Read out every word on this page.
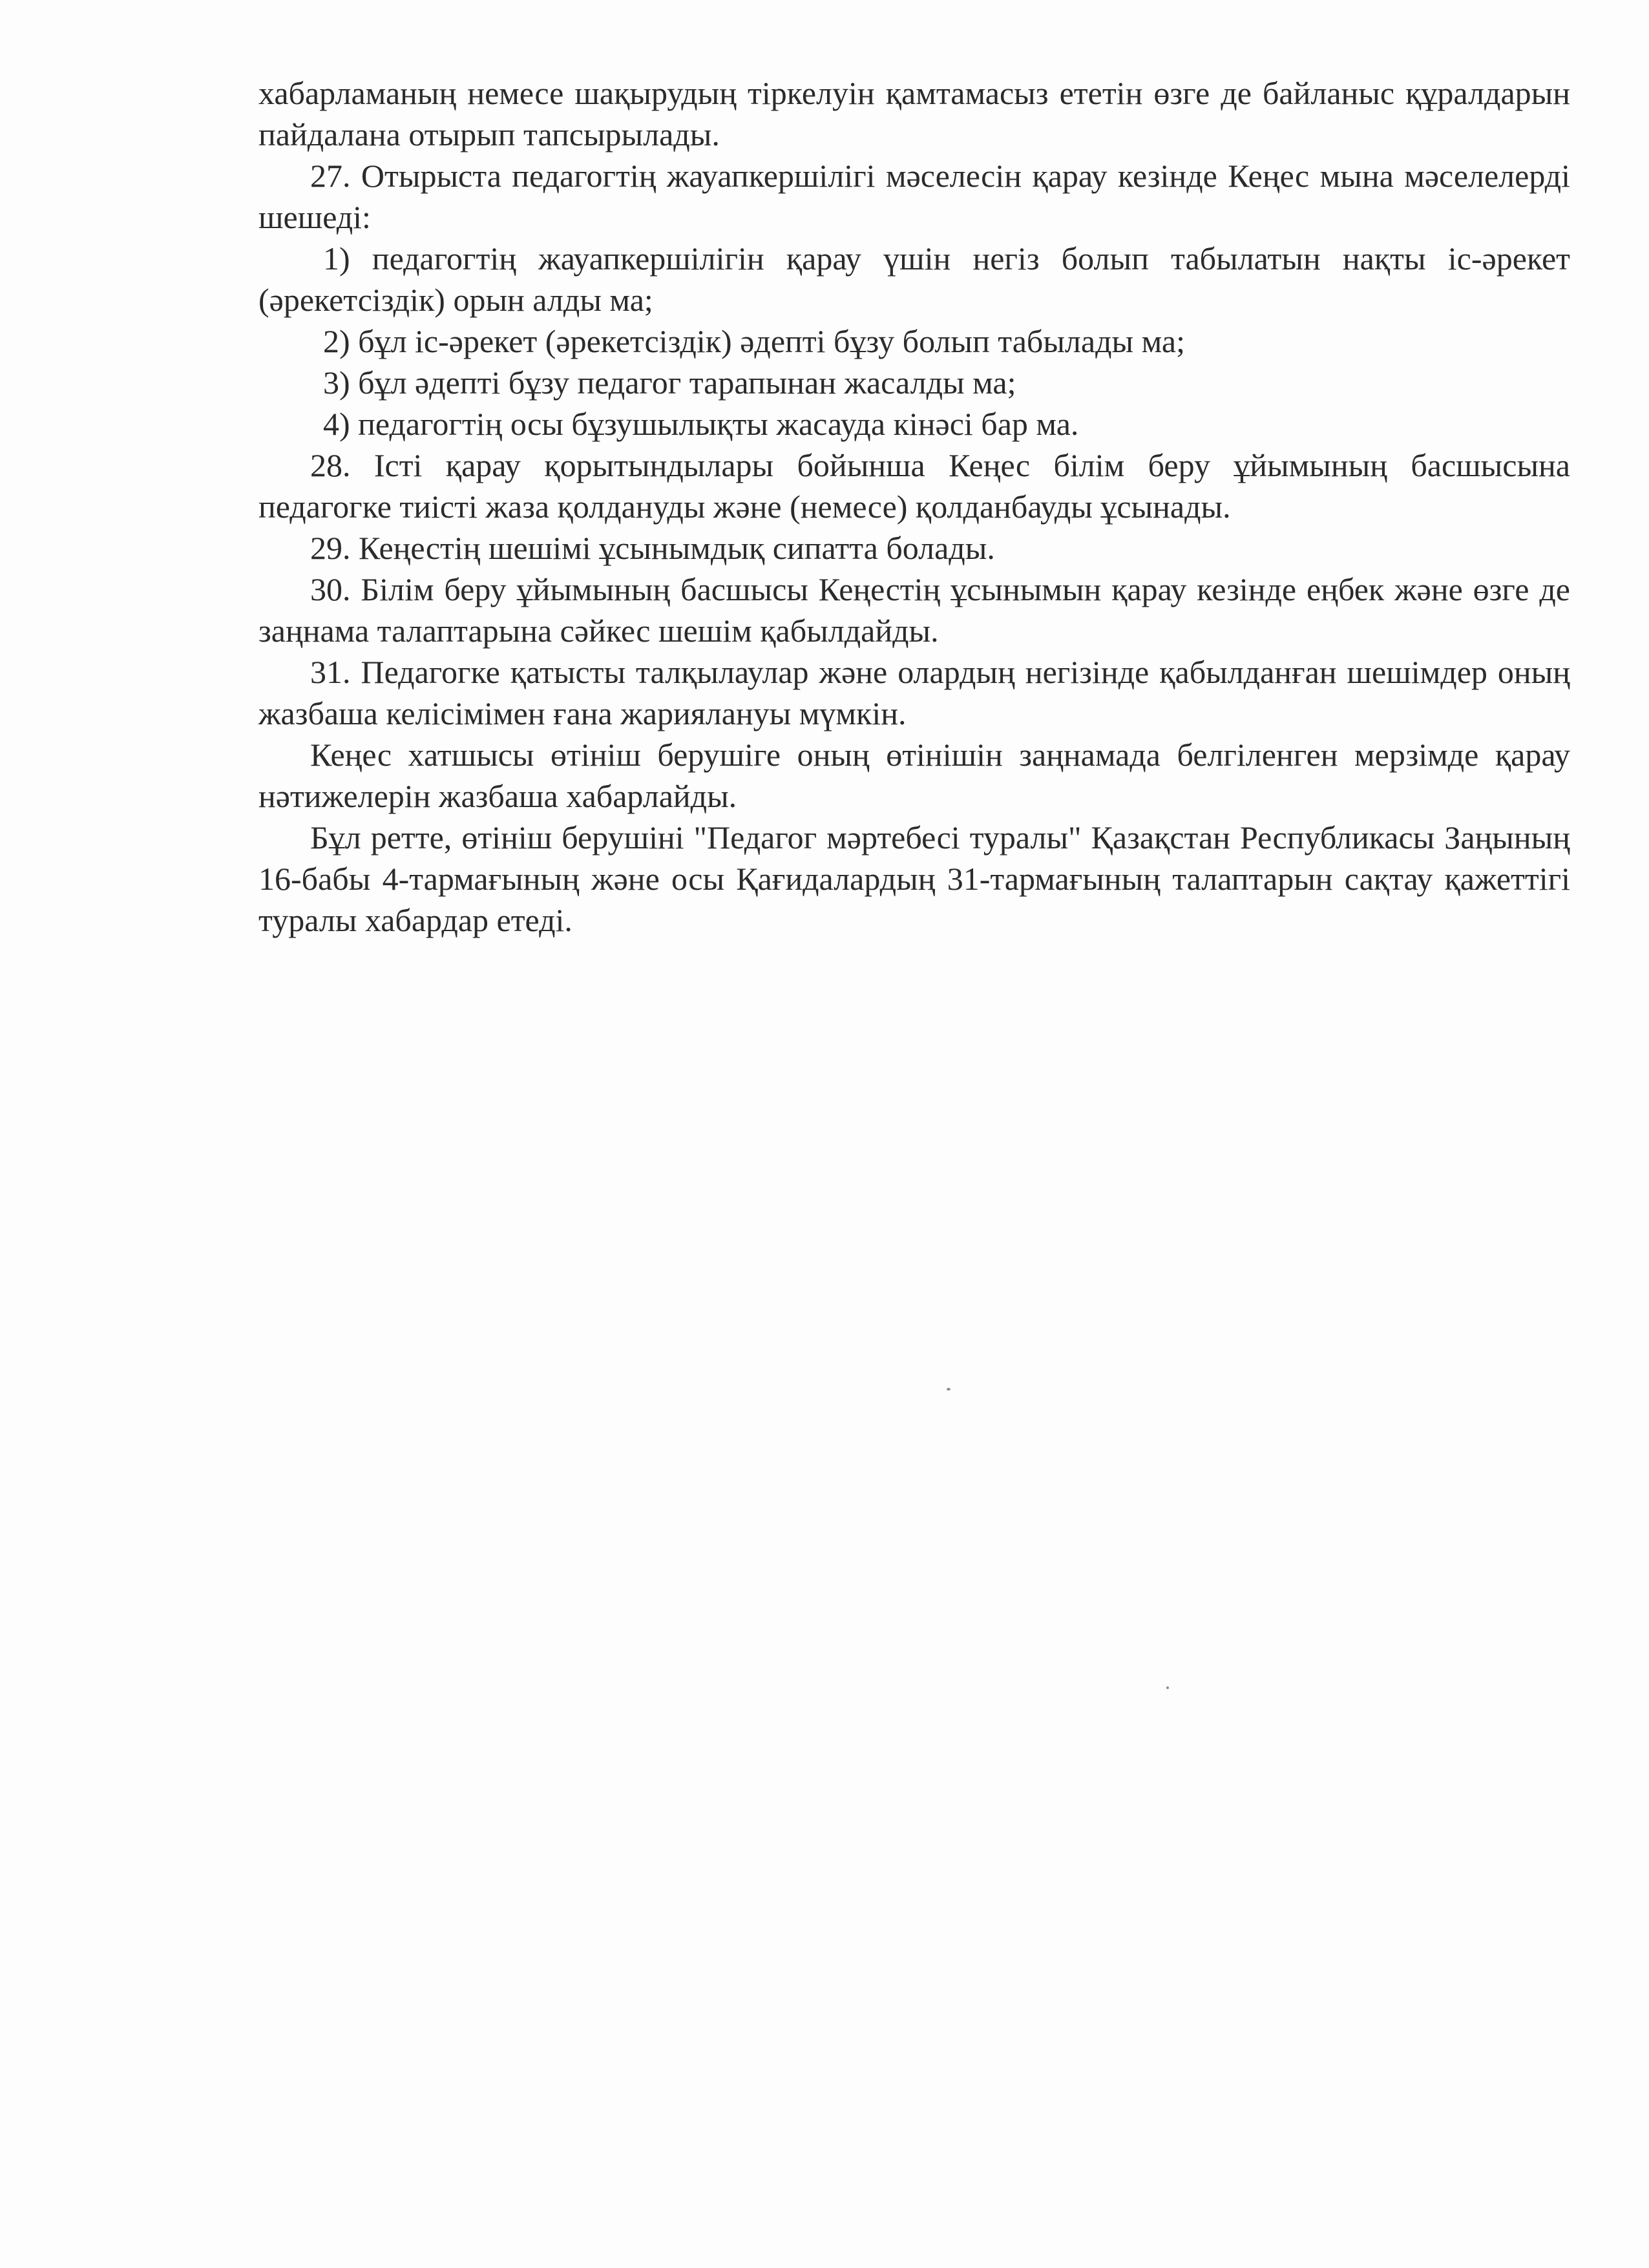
хабарламаның немесе шақырудың тіркелуін қамтамасыз ететін өзге де байланыс құралдарын пайдалана отырып тапсырылады.

27. Отырыста педагогтің жауапкершілігі мәселесін қарау кезінде Кеңес мына мәселелерді шешеді:

1) педагогтің жауапкершілігін қарау үшін негіз болып табылатын нақты іс-әрекет (әрекетсіздік) орын алды ма;

2) бұл іс-әрекет (әрекетсіздік) әдепті бұзу болып табылады ма;

3) бұл әдепті бұзу педагог тарапынан жасалды ма;

4) педагогтің осы бұзушылықты жасауда кінәсі бар ма.

28. Істі қарау қорытындылары бойынша Кеңес білім беру ұйымының басшысына педагогке тиісті жаза қолдануды және (немесе) қолданбауды ұсынады.

29. Кеңестің шешімі ұсынымдық сипатта болады.

30. Білім беру ұйымының басшысы Кеңестің ұсынымын қарау кезінде еңбек және өзге де заңнама талаптарына сәйкес шешім қабылдайды.

31. Педагогке қатысты талқылаулар және олардың негізінде қабылданған шешімдер оның жазбаша келісімімен ғана жариялануы мүмкін.

Кеңес хатшысы өтініш берушіге оның өтінішін заңнамада белгіленген мерзімде қарау нәтижелерін жазбаша хабарлайды.

Бұл ретте, өтініш берушіні "Педагог мәртебесі туралы" Қазақстан Республикасы Заңының 16-бабы 4-тармағының және осы Қағидалардың 31-тармағының талаптарын сақтау қажеттігі туралы хабардар етеді.
